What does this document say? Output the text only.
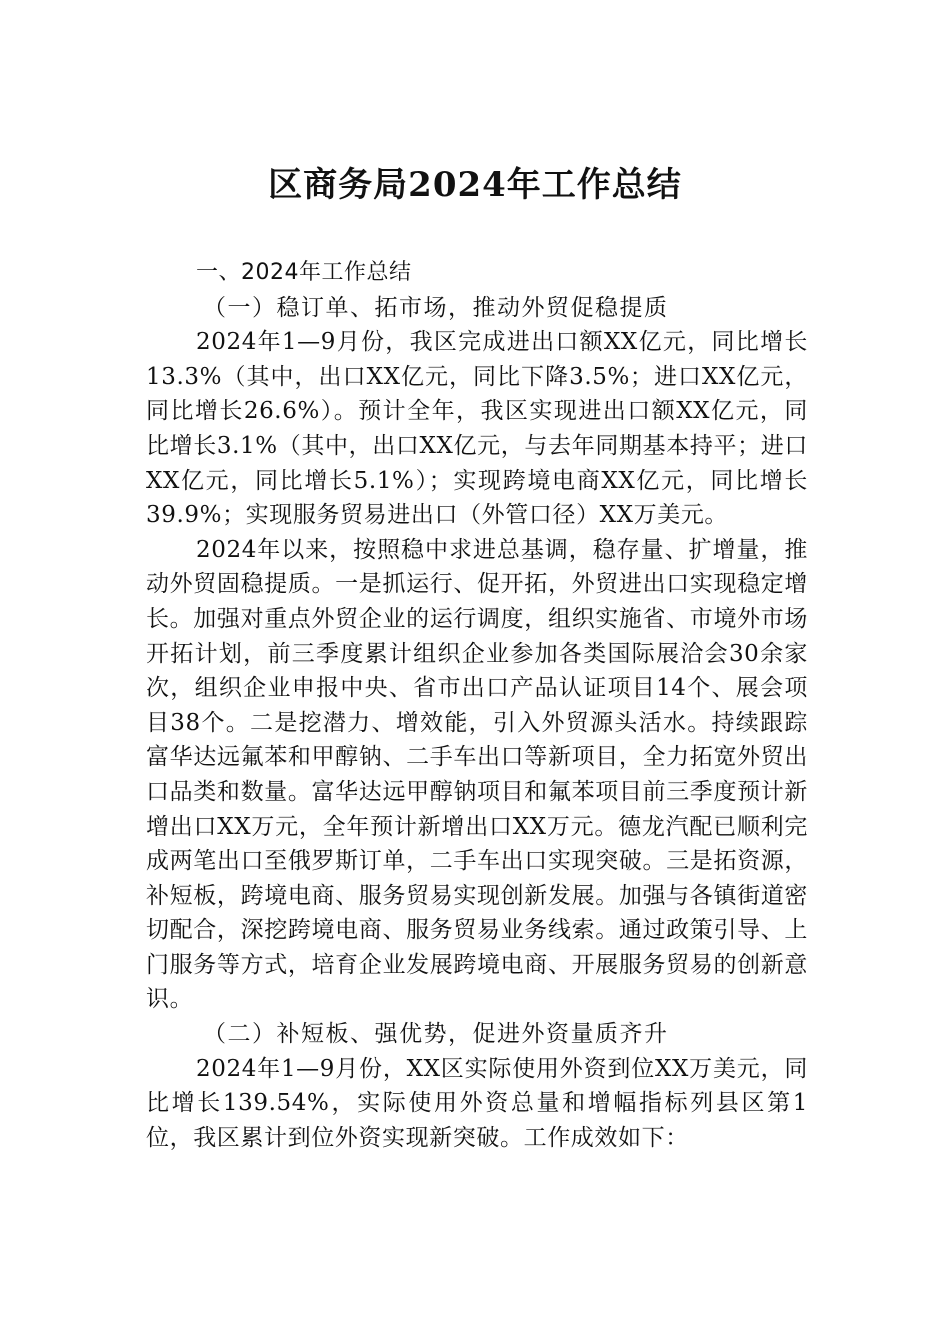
区商务局2024年工作总结

一、2024年工作总结

（一）稳订单、拓市场，推动外贸促稳提质

2024年1—9月份，我区完成进出口额XX亿元，同比增长13.3%（其中，出口XX亿元，同比下降3.5%；进口XX亿元，同比增长26.6%）。预计全年，我区实现进出口额XX亿元，同比增长3.1%（其中，出口XX亿元，与去年同期基本持平；进口XX亿元，同比增长5.1%）；实现跨境电商XX亿元，同比增长39.9%；实现服务贸易进出口（外管口径）XX万美元。

2024年以来，按照稳中求进总基调，稳存量、扩增量，推动外贸固稳提质。一是抓运行、促开拓，外贸进出口实现稳定增长。加强对重点外贸企业的运行调度，组织实施省、市境外市场开拓计划，前三季度累计组织企业参加各类国际展洽会30余家次，组织企业申报中央、省市出口产品认证项目14个、展会项目38个。二是挖潜力、增效能，引入外贸源头活水。持续跟踪富华达远氟苯和甲醇钠、二手车出口等新项目，全力拓宽外贸出口品类和数量。富华达远甲醇钠项目和氟苯项目前三季度预计新增出口XX万元，全年预计新增出口XX万元。德龙汽配已顺利完成两笔出口至俄罗斯订单，二手车出口实现突破。三是拓资源，补短板，跨境电商、服务贸易实现创新发展。加强与各镇街道密切配合，深挖跨境电商、服务贸易业务线索。通过政策引导、上门服务等方式，培育企业发展跨境电商、开展服务贸易的创新意识。

（二）补短板、强优势，促进外资量质齐升

2024年1—9月份，XX区实际使用外资到位XX万美元，同比增长139.54%，实际使用外资总量和增幅指标列县区第1位，我区累计到位外资实现新突破。工作成效如下：
